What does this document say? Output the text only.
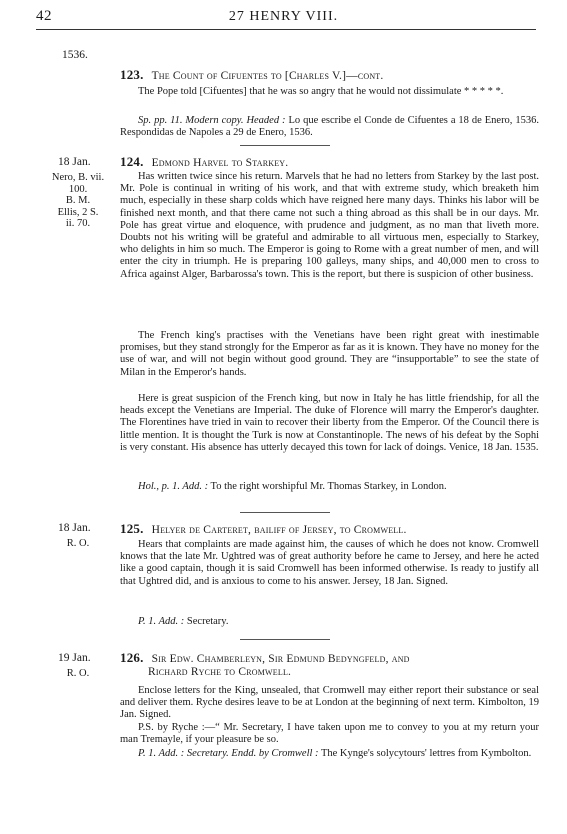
42	27 HENRY VIII.
1536.
123. The Count of Cifuentes to [Charles V.]—cont.
The Pope told [Cifuentes] that he was so angry that he would not dissimulate * * * * *.
Sp. pp. 11. Modern copy. Headed : Lo que escribe el Conde de Cifuentes a 18 de Enero, 1536. Respondidas de Napoles a 29 de Enero, 1536.
18 Jan.
Nero, B. vii.
100.
B. M.
Ellis, 2 S.
ii. 70.
124. Edmond Harvel to Starkey.
Has written twice since his return. Marvels that he had no letters from Starkey by the last post. Mr. Pole is continual in writing of his work, and that with extreme study, which breaketh him much, especially in these sharp colds which have reigned here many days. Thinks his labor will be finished next month, and that there came not such a thing abroad as this shall be in our days. Mr. Pole has great virtue and eloquence, with prudence and judgment, as no man that liveth more. Doubts not his writing will be grateful and admirable to all virtuous men, especially to Starkey, who delights in him so much. The Emperor is going to Rome with a great number of men, and will enter the city in triumph. He is preparing 100 galleys, many ships, and 40,000 men to cross to Africa against Alger, Barbarossa's town. This is the report, but there is suspicion of other business.
The French king's practises with the Venetians have been right great with inestimable promises, but they stand strongly for the Emperor as far as it is known. They have no money for the use of war, and will not begin without good ground. They are “insupportable” to see the state of Milan in the Emperor's hands.
Here is great suspicion of the French king, but now in Italy he has little friendship, for all the heads except the Venetians are Imperial. The duke of Florence will marry the Emperor's daughter. The Florentines have tried in vain to recover their liberty from the Emperor. Of the Council there is little mention. It is thought the Turk is now at Constantinople. The news of his defeat by the Sophi is very constant. His absence has utterly decayed this town for lack of doings. Venice, 18 Jan. 1535.
Hol., p. 1. Add. : To the right worshipful Mr. Thomas Starkey, in London.
18 Jan.
R. O.
125. Helyer de Carteret, bailiff of Jersey, to Cromwell.
Hears that complaints are made against him, the causes of which he does not know. Cromwell knows that the late Mr. Ughtred was of great authority before he came to Jersey, and here he acted like a good captain, though it is said Cromwell has been informed otherwise. Is ready to justify all that Ughtred did, and is anxious to come to his answer. Jersey, 18 Jan. Signed.
P. 1. Add. : Secretary.
19 Jan.
R. O.
126. Sir Edw. Chamberleyn, Sir Edmund Bedyngfeld, and
Richard Ryche to Cromwell.
Enclose letters for the King, unsealed, that Cromwell may either report their substance or seal and deliver them. Ryche desires leave to be at London at the beginning of next term. Kimbolton, 19 Jan. Signed.
P.S. by Ryche :—“ Mr. Secretary, I have taken upon me to convey to you at my return your man Tremayle, if your pleasure be so.
P. 1. Add. : Secretary. Endd. by Cromwell : The Kynge's solycytours' lettres from Kymbolton.
